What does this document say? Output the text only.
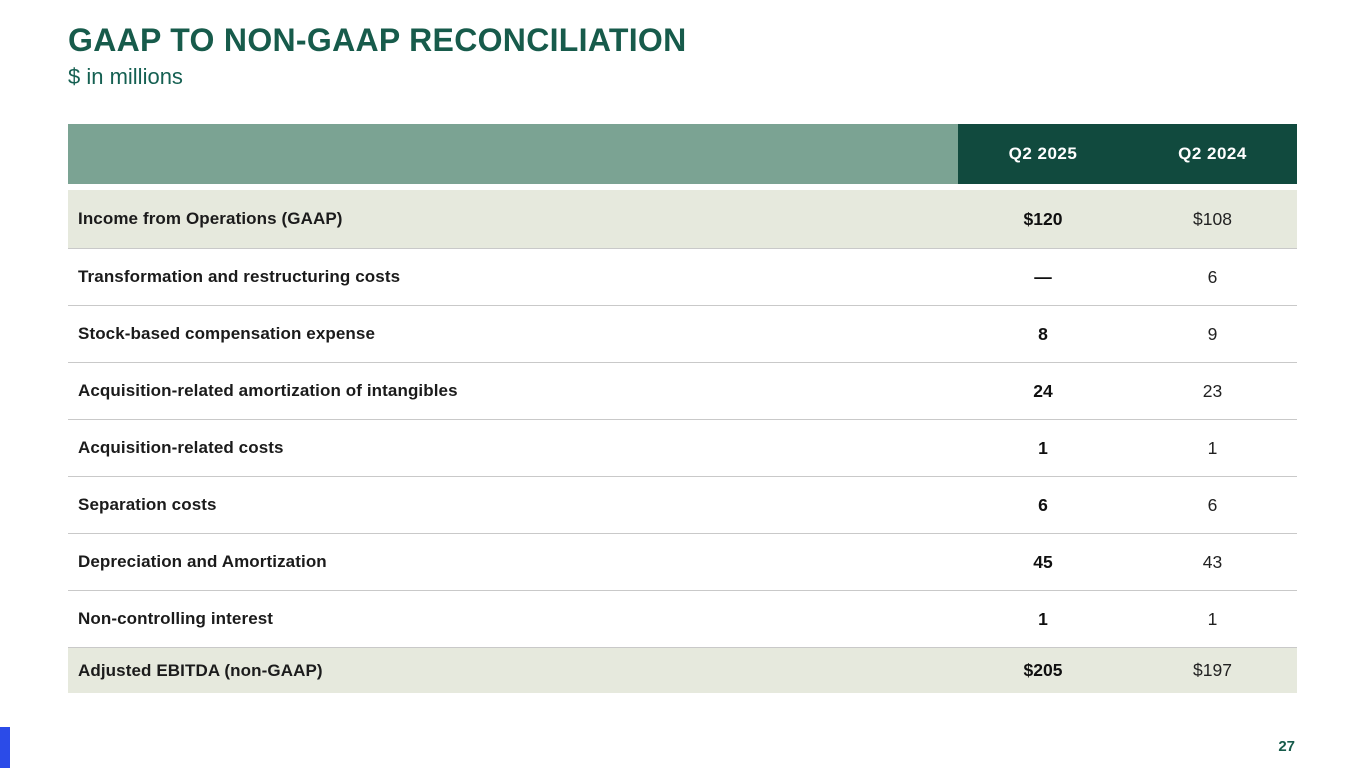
GAAP TO NON-GAAP RECONCILIATION
$ in millions
Q2 2025	Q2 2024
Income from Operations (GAAP)	$120	$108
Transformation and restructuring costs	—	6
Stock-based compensation expense	8	9
Acquisition-related amortization of intangibles	24	23
Acquisition-related costs	1	1
Separation costs	6	6
Depreciation and Amortization	45	43
Non-controlling interest	1	1
Adjusted EBITDA (non-GAAP)	$205	$197
27
